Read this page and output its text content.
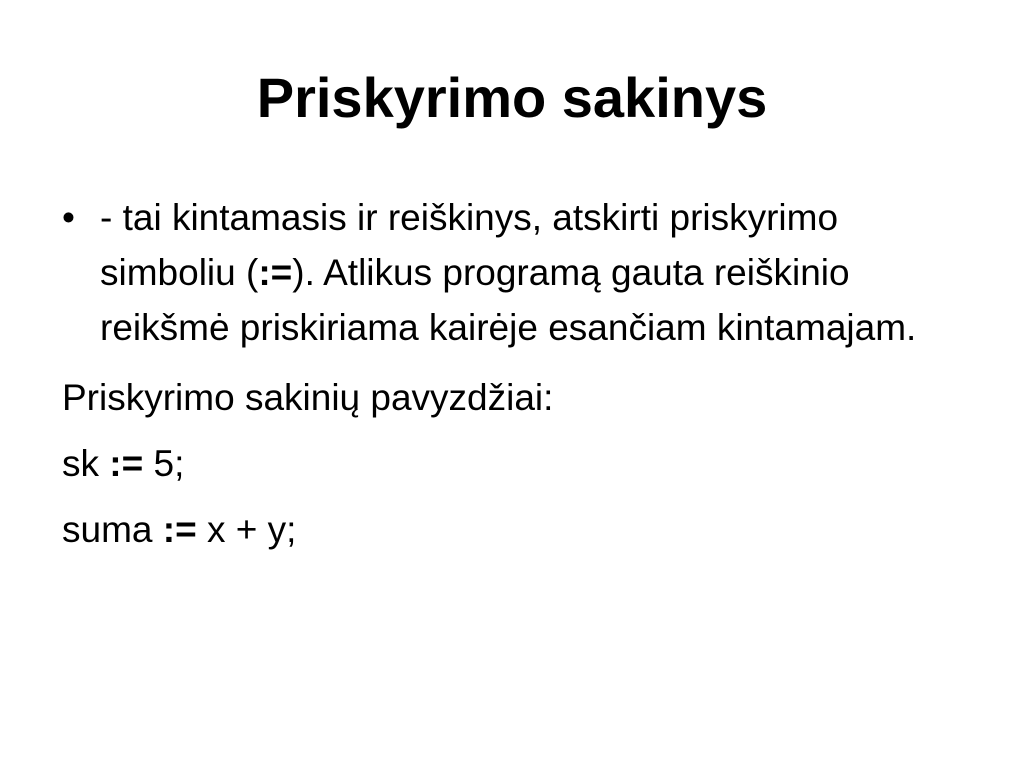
Priskyrimo sakinys
• - tai kintamasis ir reiškinys, atskirti priskyrimo simboliu (:=). Atlikus programą gauta reiškinio reikšmė priskiriama kairėje esančiam kintamajam.
Priskyrimo sakinių pavyzdžiai:
sk := 5;
suma := x + y;
